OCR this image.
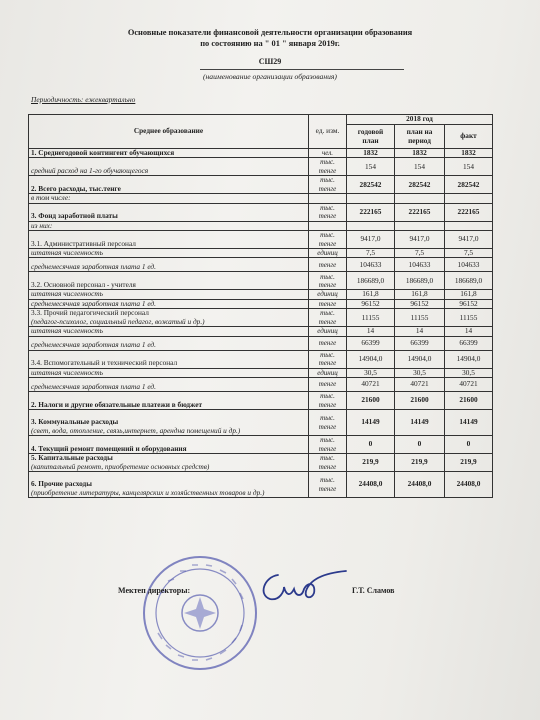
Основные показатели финансовой деятельности организации образования
по состоянию на " 01 " января 2019г.
СШ29
(наименование организации образования)
Периодичность: ежеквартально
Среднее образование	ед. изм.	2018 год		
		годовой план	план на период	факт

1. Среднегодовой контингент обучающихся	чел.	1832	1832	1832
средний расход на 1-го обучающегося	тыс. тенге	154	154	154
2. Всего расходы, тыс.тенге	тыс. тенге	282542	282542	282542
в том числе:				
3. Фонд заработной платы	тыс. тенге	222165	222165	222165
из них:				
3.1. Административный персонал	тыс. тенге	9417,0	9417,0	9417,0
штатная численность	единиц	7,5	7,5	7,5
среднемесячная заработная плата 1 ед.	тенге	104633	104633	104633
3.2. Основной персонал - учителя	тыс. тенге	186689,0	186689,0	186689,0
штатная численность	единиц	161,8	161,8	161,8
среднемесячная заработная плата 1 ед.	тенге	96152	96152	96152
3.3. Прочий педагогический персонал
(педагог-психолог, социальный педагог, вожатый и др.)	тыс. тенге	11155	11155	11155
штатная численность	единиц	14	14	14
среднемесячная заработная плата 1 ед.	тенге	66399	66399	66399
3.4. Вспомогательный и технический персонал	тыс. тенге	14904,0	14904,0	14904,0
штатная численность	единиц	30,5	30,5	30,5
среднемесячная заработная плата 1 ед.	тенге	40721	40721	40721
2. Налоги и другие обязательные платежи в бюджет	тыс. тенге	21600	21600	21600
3. Коммунальные расходы
(свет, вода, отопление, связь,интернет, арендна помещений и др.)	тыс. тенге	14149	14149	14149
4. Текущий ремонт помещений и оборудования	тыс. тенге	0	0	0
5. Капитальные расходы
(капитальный ремонт, приобретение основных средств)	тыс. тенге	219,9	219,9	219,9
6. Прочие расходы
(приобретение литературы, канцелярских и хозяйственных товаров и др.)	тыс. тенге	24408,0	24408,0	24408,0
Мектеп директоры:	Г.Т. Сламов
